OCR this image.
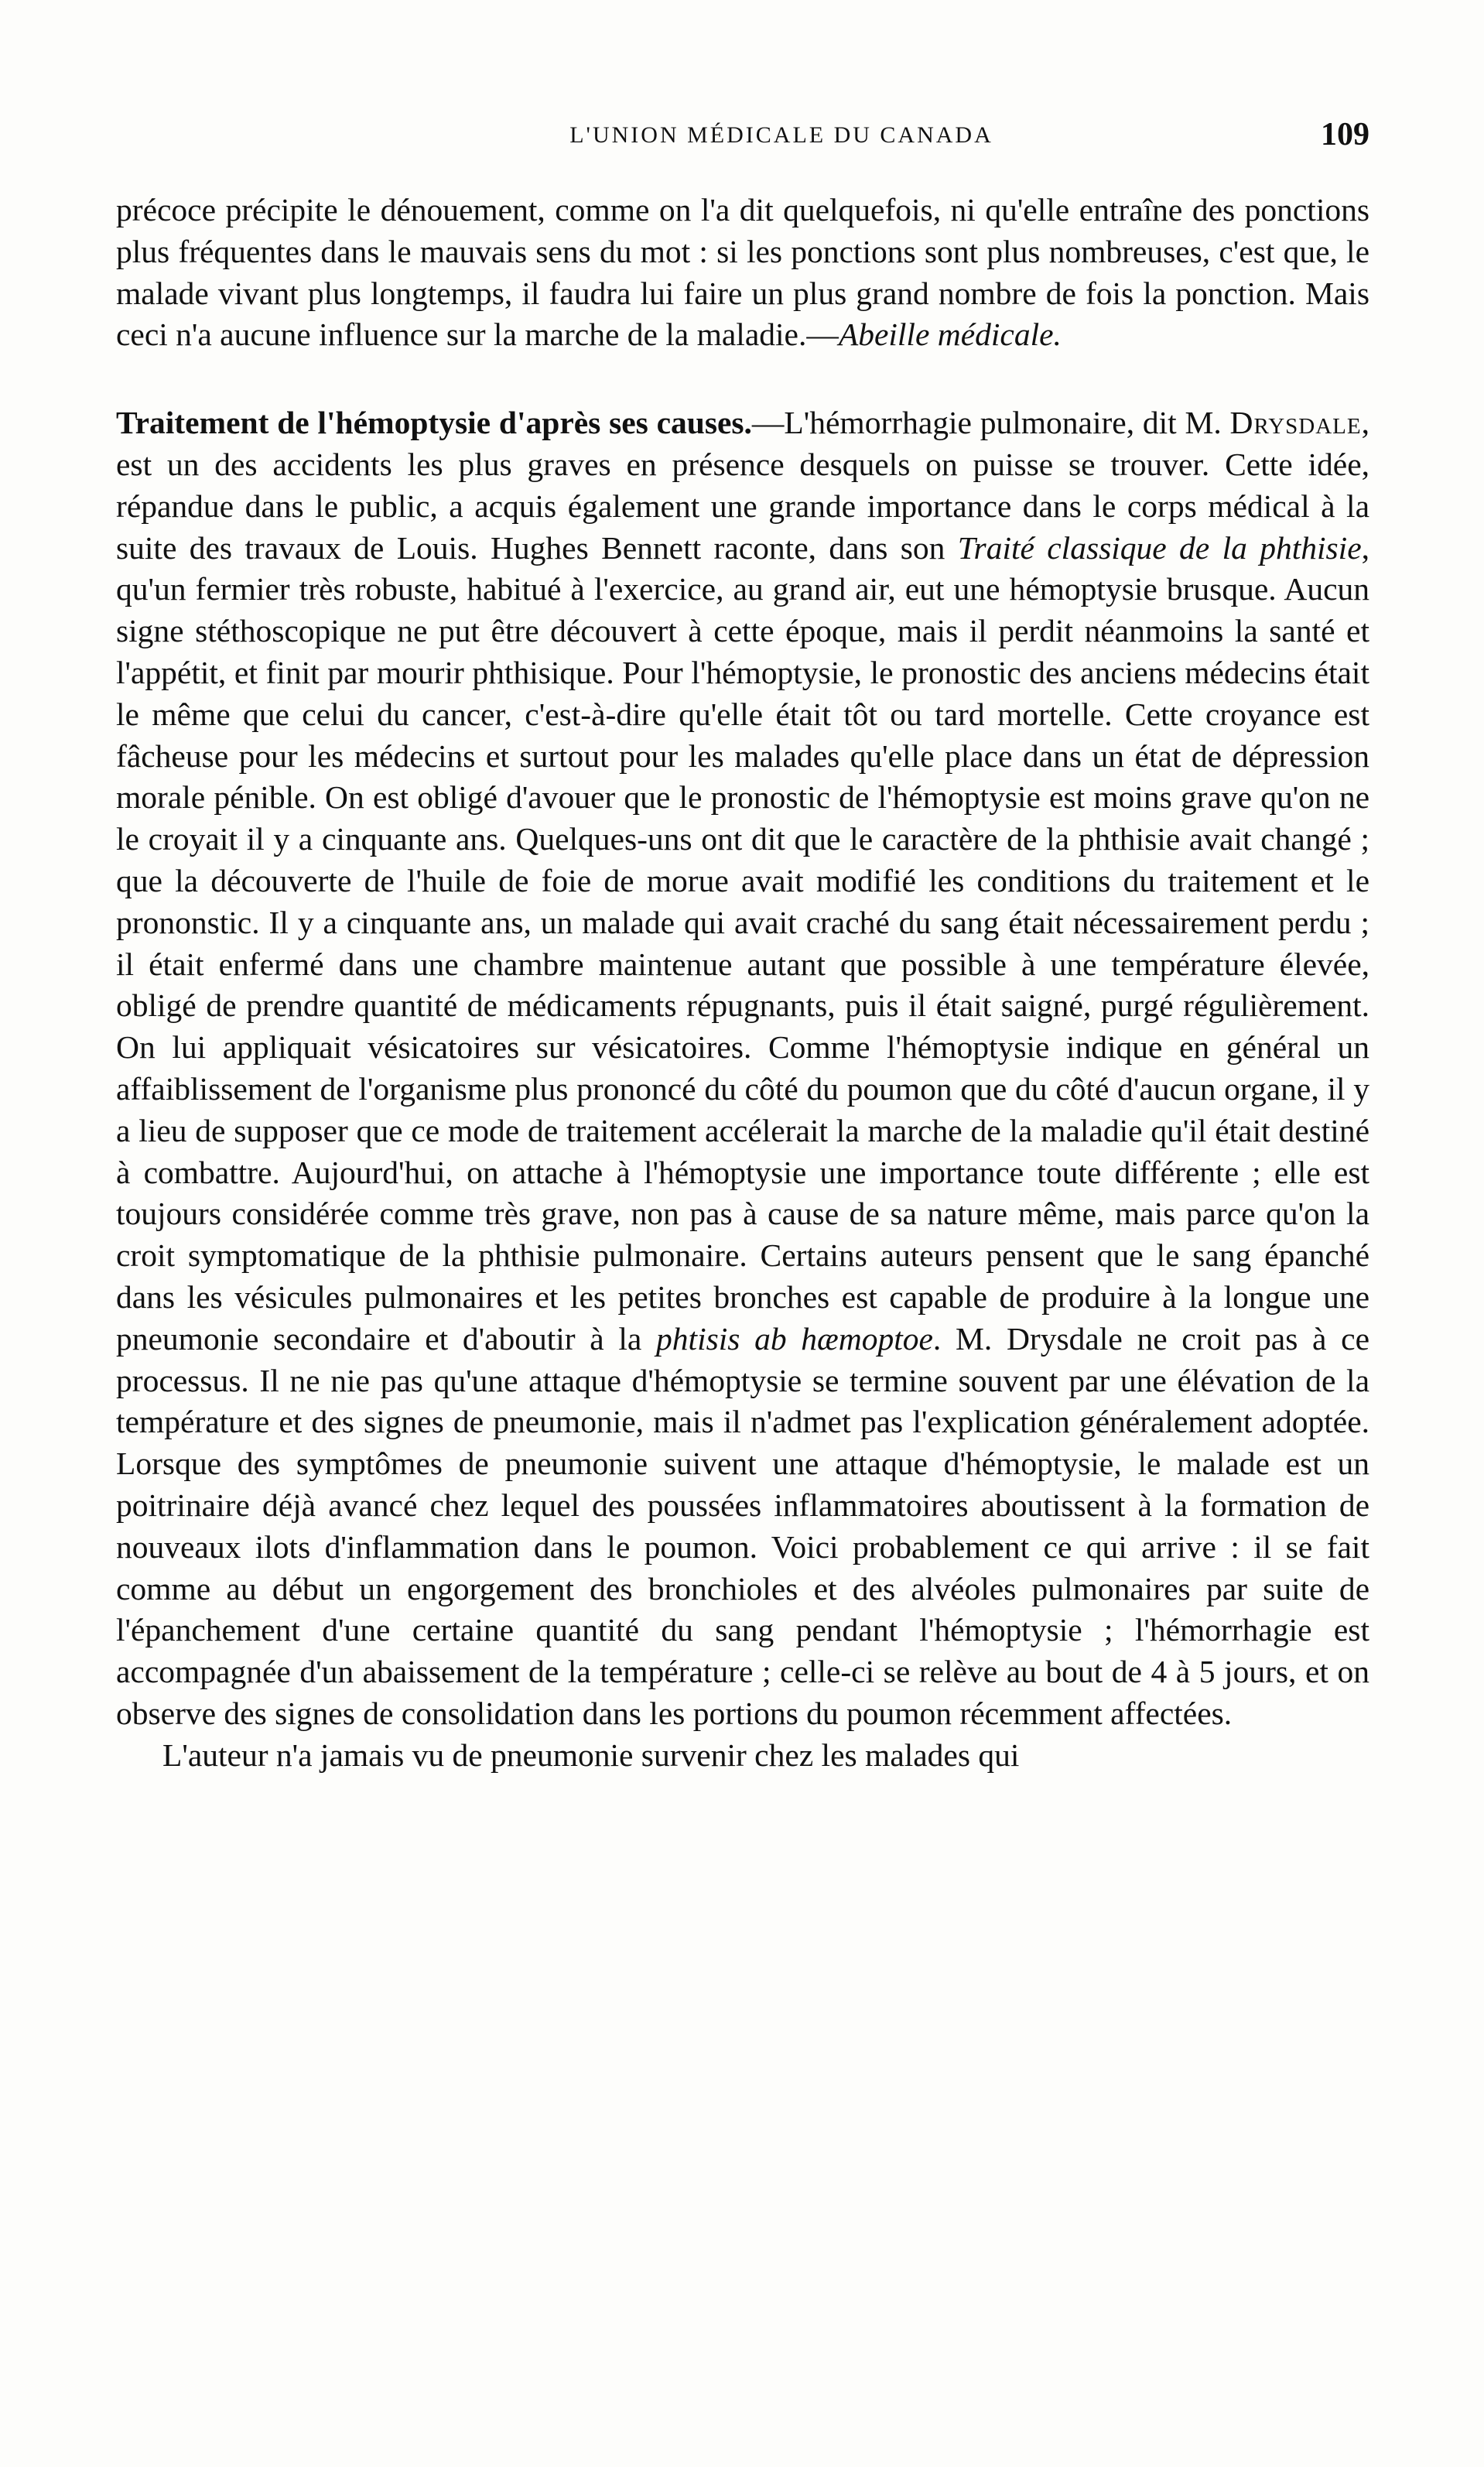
L'UNION MÉDICALE DU CANADA	109

précoce précipite le dénouement, comme on l'a dit quelquefois, ni qu'elle entraîne des ponctions plus fréquentes dans le mauvais sens du mot : si les ponctions sont plus nombreuses, c'est que, le malade vivant plus longtemps, il faudra lui faire un plus grand nombre de fois la ponction. Mais ceci n'a aucune influence sur la marche de la maladie.—Abeille médicale.

Traitement de l'hémoptysie d'après ses causes.—L'hémorrhagie pulmonaire, dit M. Drysdale, est un des accidents les plus graves en présence desquels on puisse se trouver. Cette idée, répandue dans le public, a acquis également une grande importance dans le corps médical à la suite des travaux de Louis. Hughes Bennett raconte, dans son Traité classique de la phthisie, qu'un fermier très robuste, habitué à l'exercice, au grand air, eut une hémoptysie brusque. Aucun signe stéthoscopique ne put être découvert à cette époque, mais il perdit néanmoins la santé et l'appétit, et finit par mourir phthisique. Pour l'hémoptysie, le pronostic des anciens médecins était le même que celui du cancer, c'est-à-dire qu'elle était tôt ou tard mortelle. Cette croyance est fâcheuse pour les médecins et surtout pour les malades qu'elle place dans un état de dépression morale pénible. On est obligé d'avouer que le pronostic de l'hémoptysie est moins grave qu'on ne le croyait il y a cinquante ans. Quelques-uns ont dit que le caractère de la phthisie avait changé ; que la découverte de l'huile de foie de morue avait modifié les conditions du traitement et le prononstic. Il y a cinquante ans, un malade qui avait craché du sang était nécessairement perdu ; il était enfermé dans une chambre maintenue autant que possible à une température élevée, obligé de prendre quantité de médicaments répugnants, puis il était saigné, purgé régulièrement. On lui appliquait vésicatoires sur vésicatoires. Comme l'hémoptysie indique en général un affaiblissement de l'organisme plus prononcé du côté du poumon que du côté d'aucun organe, il y a lieu de supposer que ce mode de traitement accélerait la marche de la maladie qu'il était destiné à combattre. Aujourd'hui, on attache à l'hémoptysie une importance toute différente ; elle est toujours considérée comme très grave, non pas à cause de sa nature même, mais parce qu'on la croit symptomatique de la phthisie pulmonaire. Certains auteurs pensent que le sang épanché dans les vésicules pulmonaires et les petites bronches est capable de produire à la longue une pneumonie secondaire et d'aboutir à la phtisis ab hæmoptoe. M. Drysdale ne croit pas à ce processus. Il ne nie pas qu'une attaque d'hémoptysie se termine souvent par une élévation de la température et des signes de pneumonie, mais il n'admet pas l'explication généralement adoptée. Lorsque des symptômes de pneumonie suivent une attaque d'hémoptysie, le malade est un poitrinaire déjà avancé chez lequel des poussées inflammatoires aboutissent à la formation de nouveaux ilots d'inflammation dans le poumon. Voici probablement ce qui arrive : il se fait comme au début un engorgement des bronchioles et des alvéoles pulmonaires par suite de l'épanchement d'une certaine quantité du sang pendant l'hémoptysie ; l'hémorrhagie est accompagnée d'un abaissement de la température ; celle-ci se relève au bout de 4 à 5 jours, et on observe des signes de consolidation dans les portions du poumon récemment affectées.

L'auteur n'a jamais vu de pneumonie survenir chez les malades qui
